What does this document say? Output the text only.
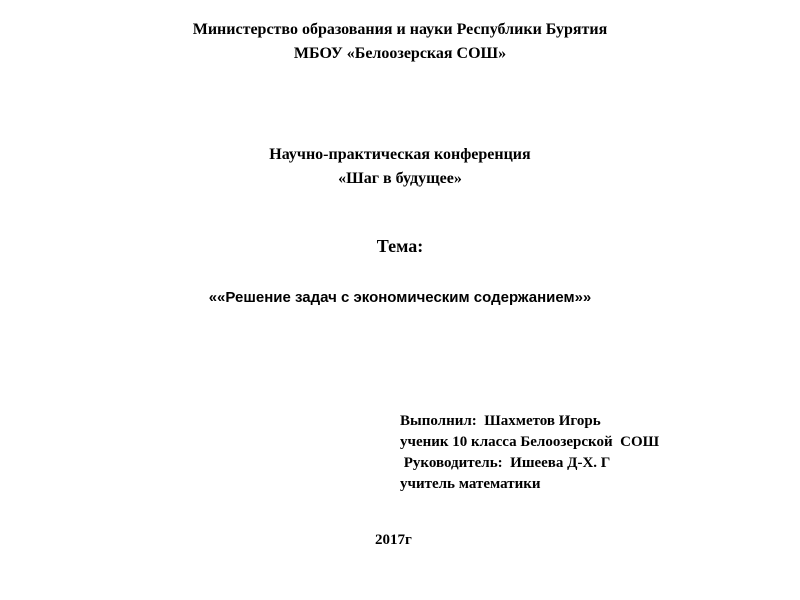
Министерство образования и науки Республики Бурятия
МБОУ «Белоозерская СОШ»
Научно-практическая конференция
«Шаг в будущее»
Тема:
««Решение задач с экономическим содержанием»»
Выполнил:  Шахметов Игорь
ученик 10 класса Белоозерской  СОШ
Руководитель:  Ишеева Д-Х. Г
учитель математики
2017г
